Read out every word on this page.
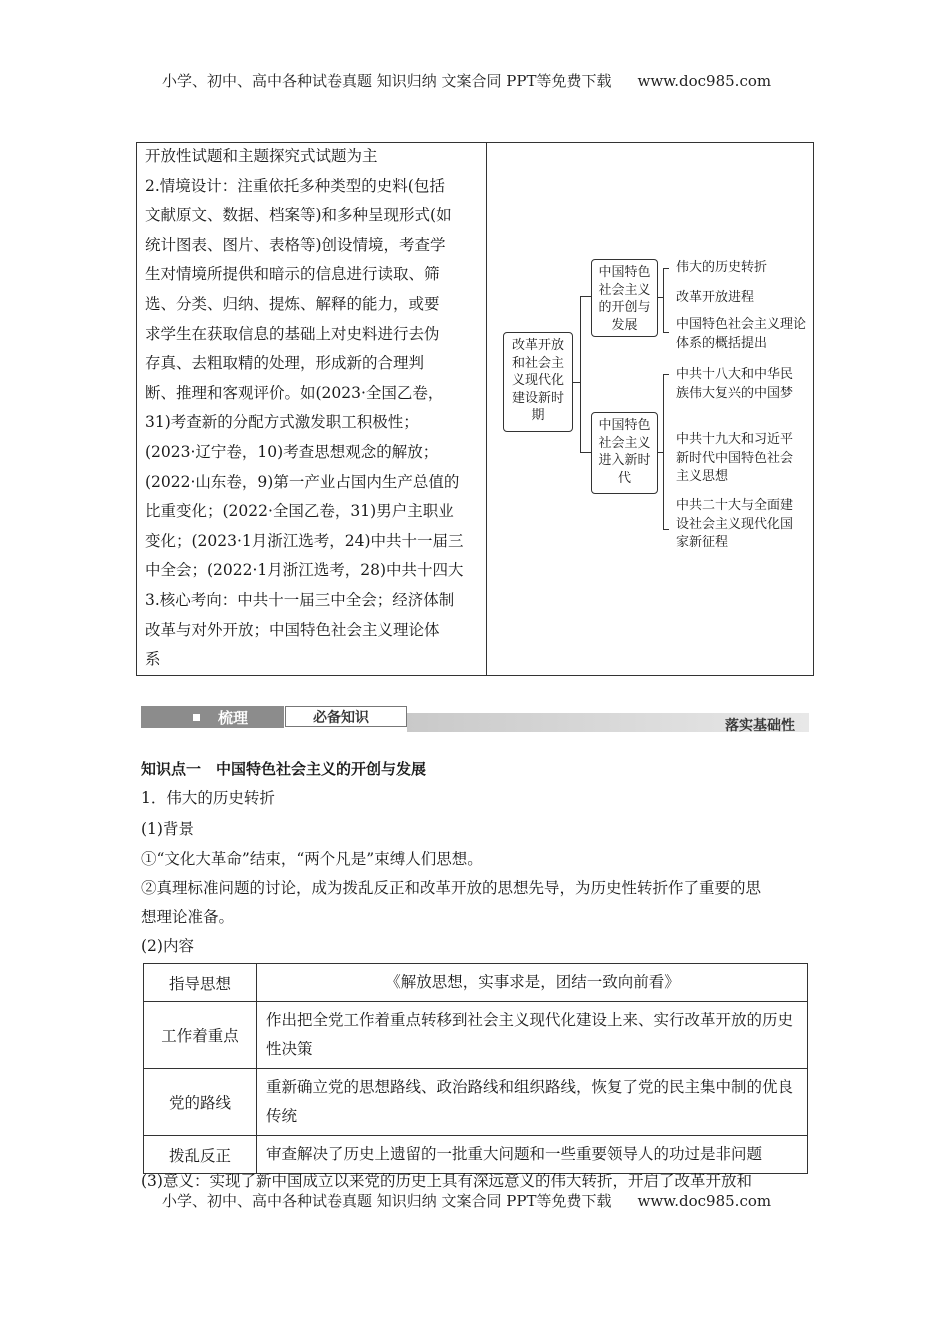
小学、初中、高中各种试卷真题 知识归纳 文案合同 PPT等免费下载 www.doc985.com
开放性试题和主题探究式试题为主
2.情境设计：注重依托多种类型的史料(包括
文献原文、数据、档案等)和多种呈现形式(如
统计图表、图片、表格等)创设情境，考查学
生对情境所提供和暗示的信息进行读取、筛
选、分类、归纳、提炼、解释的能力，或要
求学生在获取信息的基础上对史料进行去伪
存真、去粗取精的处理，形成新的合理判
断、推理和客观评价。如(2023·全国乙卷，
31)考查新的分配方式激发职工积极性；
(2023·辽宁卷，10)考查思想观念的解放；
(2022·山东卷，9)第一产业占国内生产总值的
比重变化；(2022·全国乙卷，31)男户主职业
变化；(2023·1月浙江选考，24)中共十一届三
中全会；(2022·1月浙江选考，28)中共十四大
3.核心考向：中共十一届三中全会；经济体制
改革与对外开放；中国特色社会主义理论体
系
改革开放和社会主义现代化建设新时期
中国特色社会主义的开创与发展
中国特色社会主义进入新时代
伟大的历史转折
改革开放进程
中国特色社会主义理论体系的概括提出
中共十八大和中华民族伟大复兴的中国梦
中共十九大和习近平新时代中国特色社会主义思想
中共二十大与全面建设社会主义现代化国家新征程
梳理	必备知识	落实基础性
知识点一　中国特色社会主义的开创与发展
1．伟大的历史转折
(1)背景
①“文化大革命”结束，“两个凡是”束缚人们思想。
②真理标准问题的讨论，成为拨乱反正和改革开放的思想先导，为历史性转折作了重要的思
想理论准备。
(2)内容
指导思想	《解放思想，实事求是，团结一致向前看》
工作着重点	作出把全党工作着重点转移到社会主义现代化建设上来、实行改革开放的历史性决策
党的路线	重新确立党的思想路线、政治路线和组织路线，恢复了党的民主集中制的优良传统
拨乱反正	审查解决了历史上遗留的一批重大问题和一些重要领导人的功过是非问题
(3)意义：实现了新中国成立以来党的历史上具有深远意义的伟大转折，开启了改革开放和
小学、初中、高中各种试卷真题 知识归纳 文案合同 PPT等免费下载 www.doc985.com
